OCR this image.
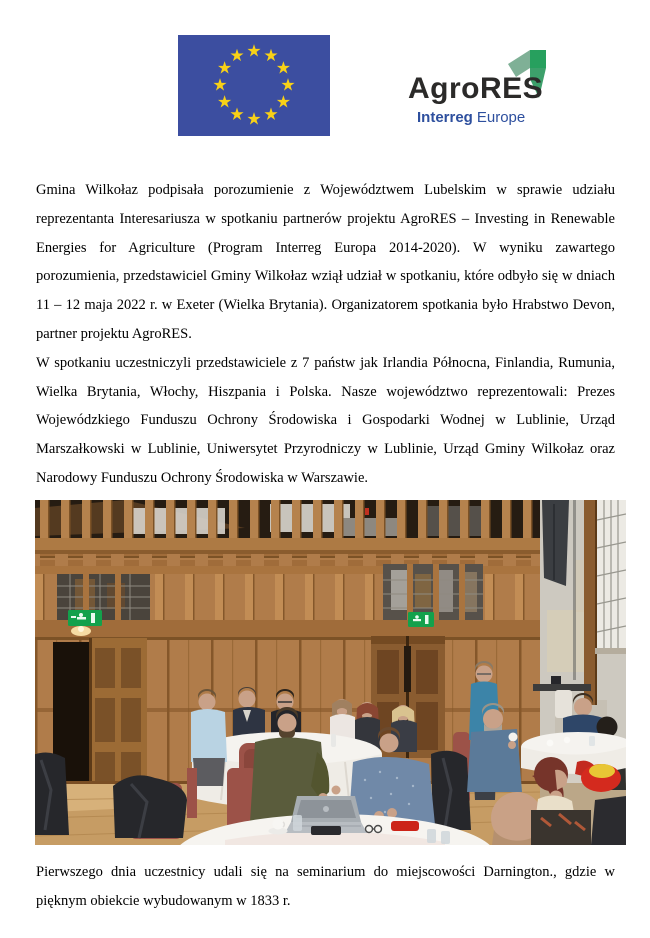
AgroRES
Interreg Europe

Gmina Wilkołaz podpisała porozumienie z Województwem Lubelskim w sprawie udziału reprezentanta Interesariusza w spotkaniu partnerów projektu AgroRES – Investing in Renewable Energies for Agriculture (Program Interreg Europa 2014-2020). W wyniku zawartego porozumienia, przedstawiciel Gminy Wilkołaz wziął udział w spotkaniu, które odbyło się w dniach 11 – 12 maja 2022 r. w Exeter (Wielka Brytania). Organizatorem spotkania było Hrabstwo Devon, partner projektu AgroRES.

W spotkaniu uczestniczyli przedstawiciele z 7 państw jak Irlandia Północna, Finlandia, Rumunia, Wielka Brytania, Włochy, Hiszpania i Polska. Nasze województwo reprezentowali: Prezes Wojewódzkiego Funduszu Ochrony Środowiska i Gospodarki Wodnej w Lublinie, Urząd Marszałkowski w Lublinie, Uniwersytet Przyrodniczy w Lublinie, Urząd Gminy Wilkołaz oraz Narodowy Funduszu Ochrony Środowiska w Warszawie.

Pierwszego dnia uczestnicy udali się na seminarium do miejscowości Darnington., gdzie w pięknym obiekcie wybudowanym w 1833 r.
